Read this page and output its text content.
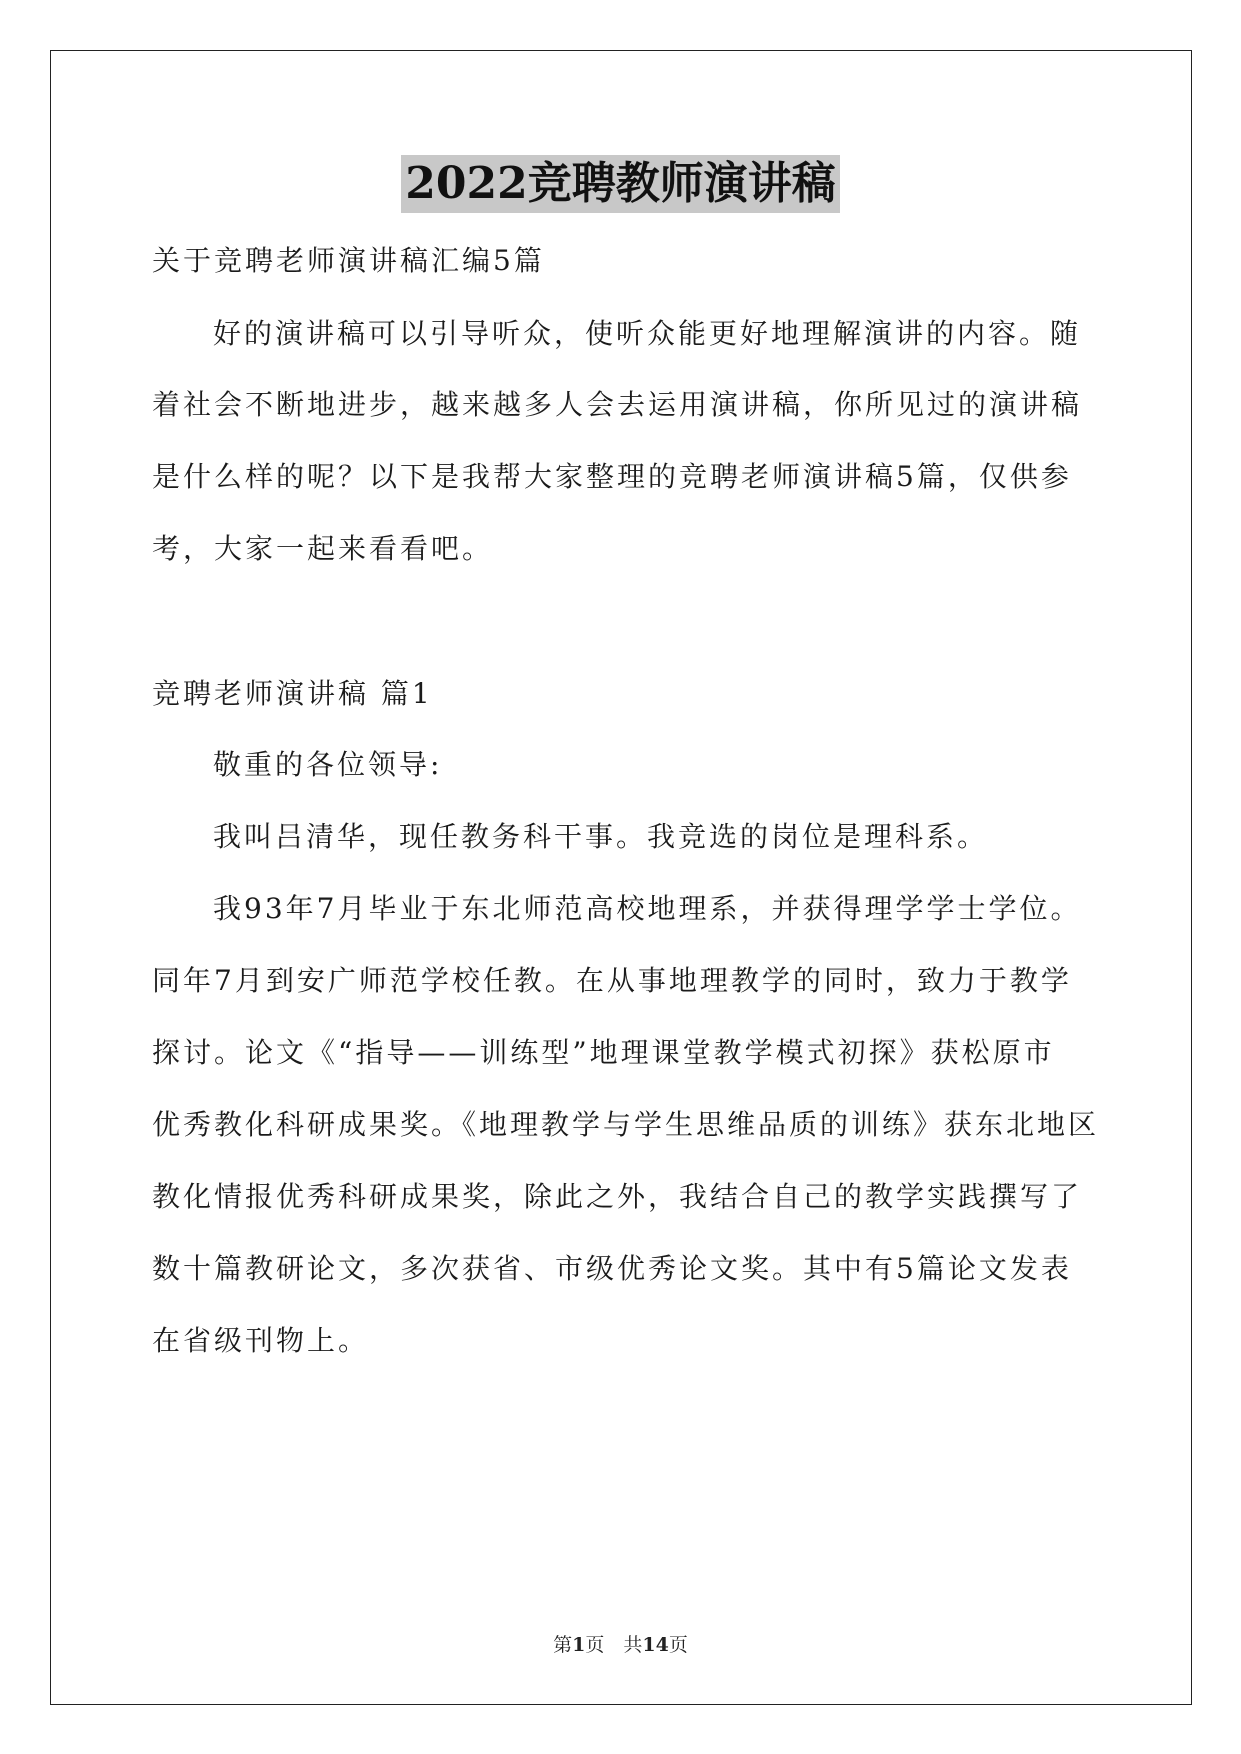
2022竞聘教师演讲稿
关于竞聘老师演讲稿汇编5篇
好的演讲稿可以引导听众，使听众能更好地理解演讲的内容。随
着社会不断地进步，越来越多人会去运用演讲稿，你所见过的演讲稿
是什么样的呢？以下是我帮大家整理的竞聘老师演讲稿5篇，仅供参
考，大家一起来看看吧。
竞聘老师演讲稿 篇1
敬重的各位领导:
我叫吕清华，现任教务科干事。我竞选的岗位是理科系。
我93年7月毕业于东北师范高校地理系，并获得理学学士学位。
同年7月到安广师范学校任教。在从事地理教学的同时，致力于教学
探讨。论文《“指导——训练型”地理课堂教学模式初探》获松原市
优秀教化科研成果奖。《地理教学与学生思维品质的训练》获东北地区
教化情报优秀科研成果奖，除此之外，我结合自己的教学实践撰写了
数十篇教研论文，多次获省、市级优秀论文奖。其中有5篇论文发表
在省级刊物上。
第1页　共14页
